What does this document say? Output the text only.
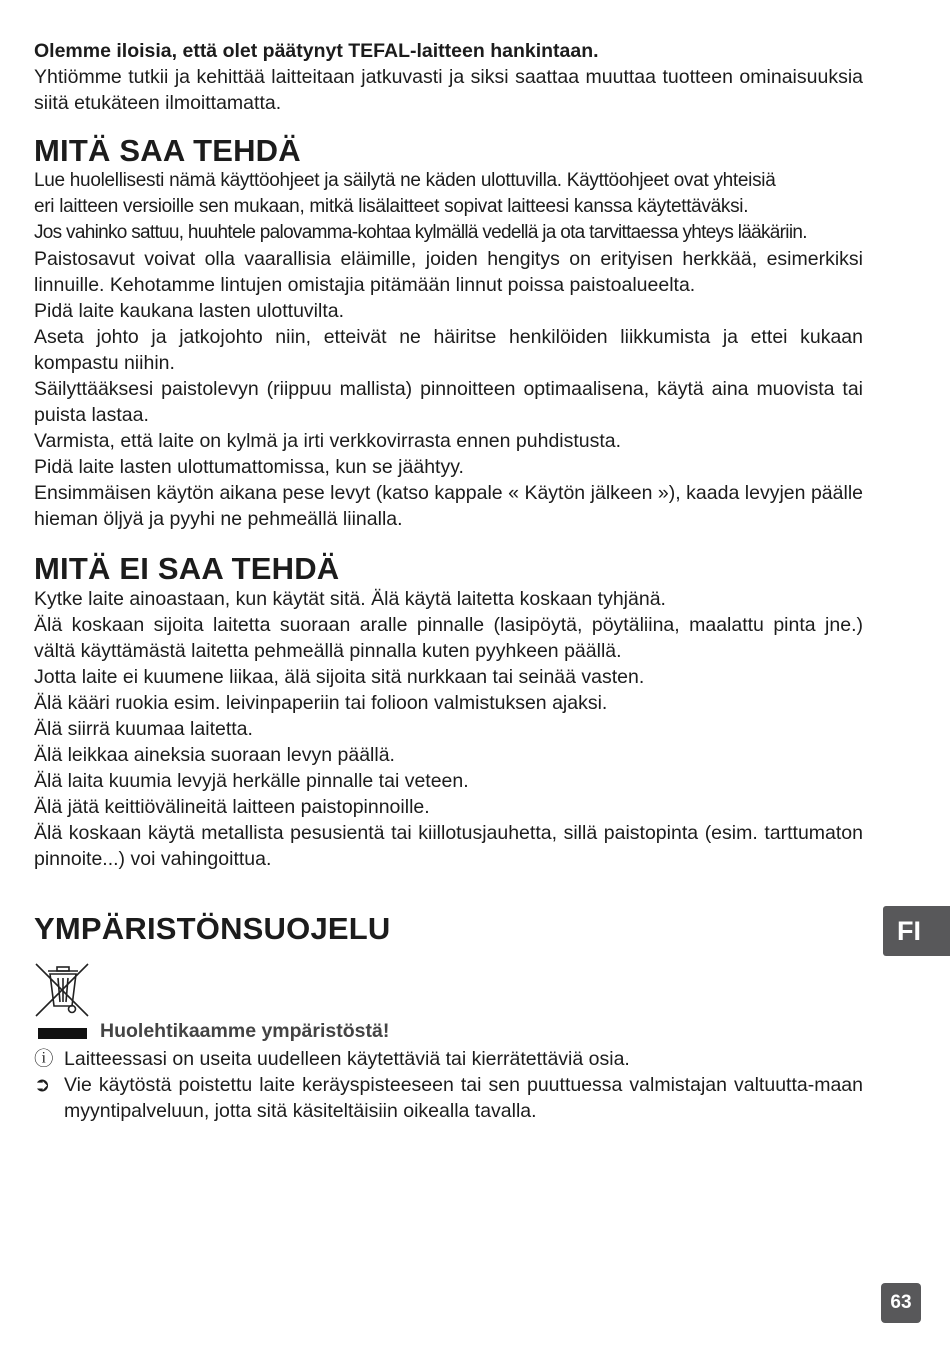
Olemme iloisia, että olet päätynyt TEFAL-laitteen hankintaan.

Yhtiömme tutkii ja kehittää laitteitaan jatkuvasti ja siksi saattaa muuttaa tuotteen ominaisuuksia siitä etukäteen ilmoittamatta.

MITÄ SAA TEHDÄ

Lue huolellisesti nämä käyttöohjeet ja säilytä ne käden ulottuvilla. Käyttöohjeet ovat yhteisiä

eri laitteen versioille sen mukaan, mitkä lisälaitteet sopivat laitteesi kanssa käytettäväksi.

Jos vahinko sattuu, huuhtele palovamma-kohtaa kylmällä vedellä ja ota tarvittaessa yhteys lääkäriin.

Paistosavut voivat olla vaarallisia eläimille, joiden hengitys on erityisen herkkää, esimerkiksi linnuille. Kehotamme lintujen omistajia pitämään linnut poissa paistoalueelta.

Pidä laite kaukana lasten ulottuvilta.

Aseta johto ja jatkojohto niin, etteivät ne häiritse henkilöiden liikkumista ja ettei kukaan kompastu niihin.

Säilyttääksesi paistolevyn (riippuu mallista) pinnoitteen optimaalisena, käytä aina muovista tai puista lastaa.

Varmista, että laite on kylmä ja irti verkkovirrasta ennen puhdistusta.

Pidä laite lasten ulottumattomissa, kun se jäähtyy.

Ensimmäisen käytön aikana pese levyt (katso kappale « Käytön jälkeen »), kaada levyjen päälle hieman öljyä ja pyyhi ne pehmeällä liinalla.

MITÄ EI SAA TEHDÄ

Kytke laite ainoastaan, kun käytät sitä. Älä käytä laitetta koskaan tyhjänä.

Älä koskaan sijoita laitetta suoraan aralle pinnalle (lasipöytä, pöytäliina, maalattu pinta jne.) vältä käyttämästä laitetta pehmeällä pinnalla kuten pyyhkeen päällä.

Jotta laite ei kuumene liikaa, älä sijoita sitä nurkkaan tai seinää vasten.

Älä kääri ruokia esim. leivinpaperiin tai folioon valmistuksen ajaksi.

Älä siirrä kuumaa laitetta.

Älä leikkaa aineksia suoraan levyn päällä.

Älä laita kuumia levyjä herkälle pinnalle tai veteen.

Älä jätä keittiövälineitä laitteen paistopinnoille.

Älä koskaan käytä metallista pesusientä tai kiillotusjauhetta, sillä paistopinta (esim. tarttumaton pinnoite...) voi vahingoittua.

YMPÄRISTÖNSUOJELU

Huolehtikaamme ympäristöstä!

ⓘ Laitteessasi on useita uudelleen käytettäviä tai kierrätettäviä osia.

➲ Vie käytöstä poistettu laite keräyspisteeseen tai sen puuttuessa valmistajan valtuutta-maan myyntipalveluun, jotta sitä käsiteltäisiin oikealla tavalla.

FI
63
